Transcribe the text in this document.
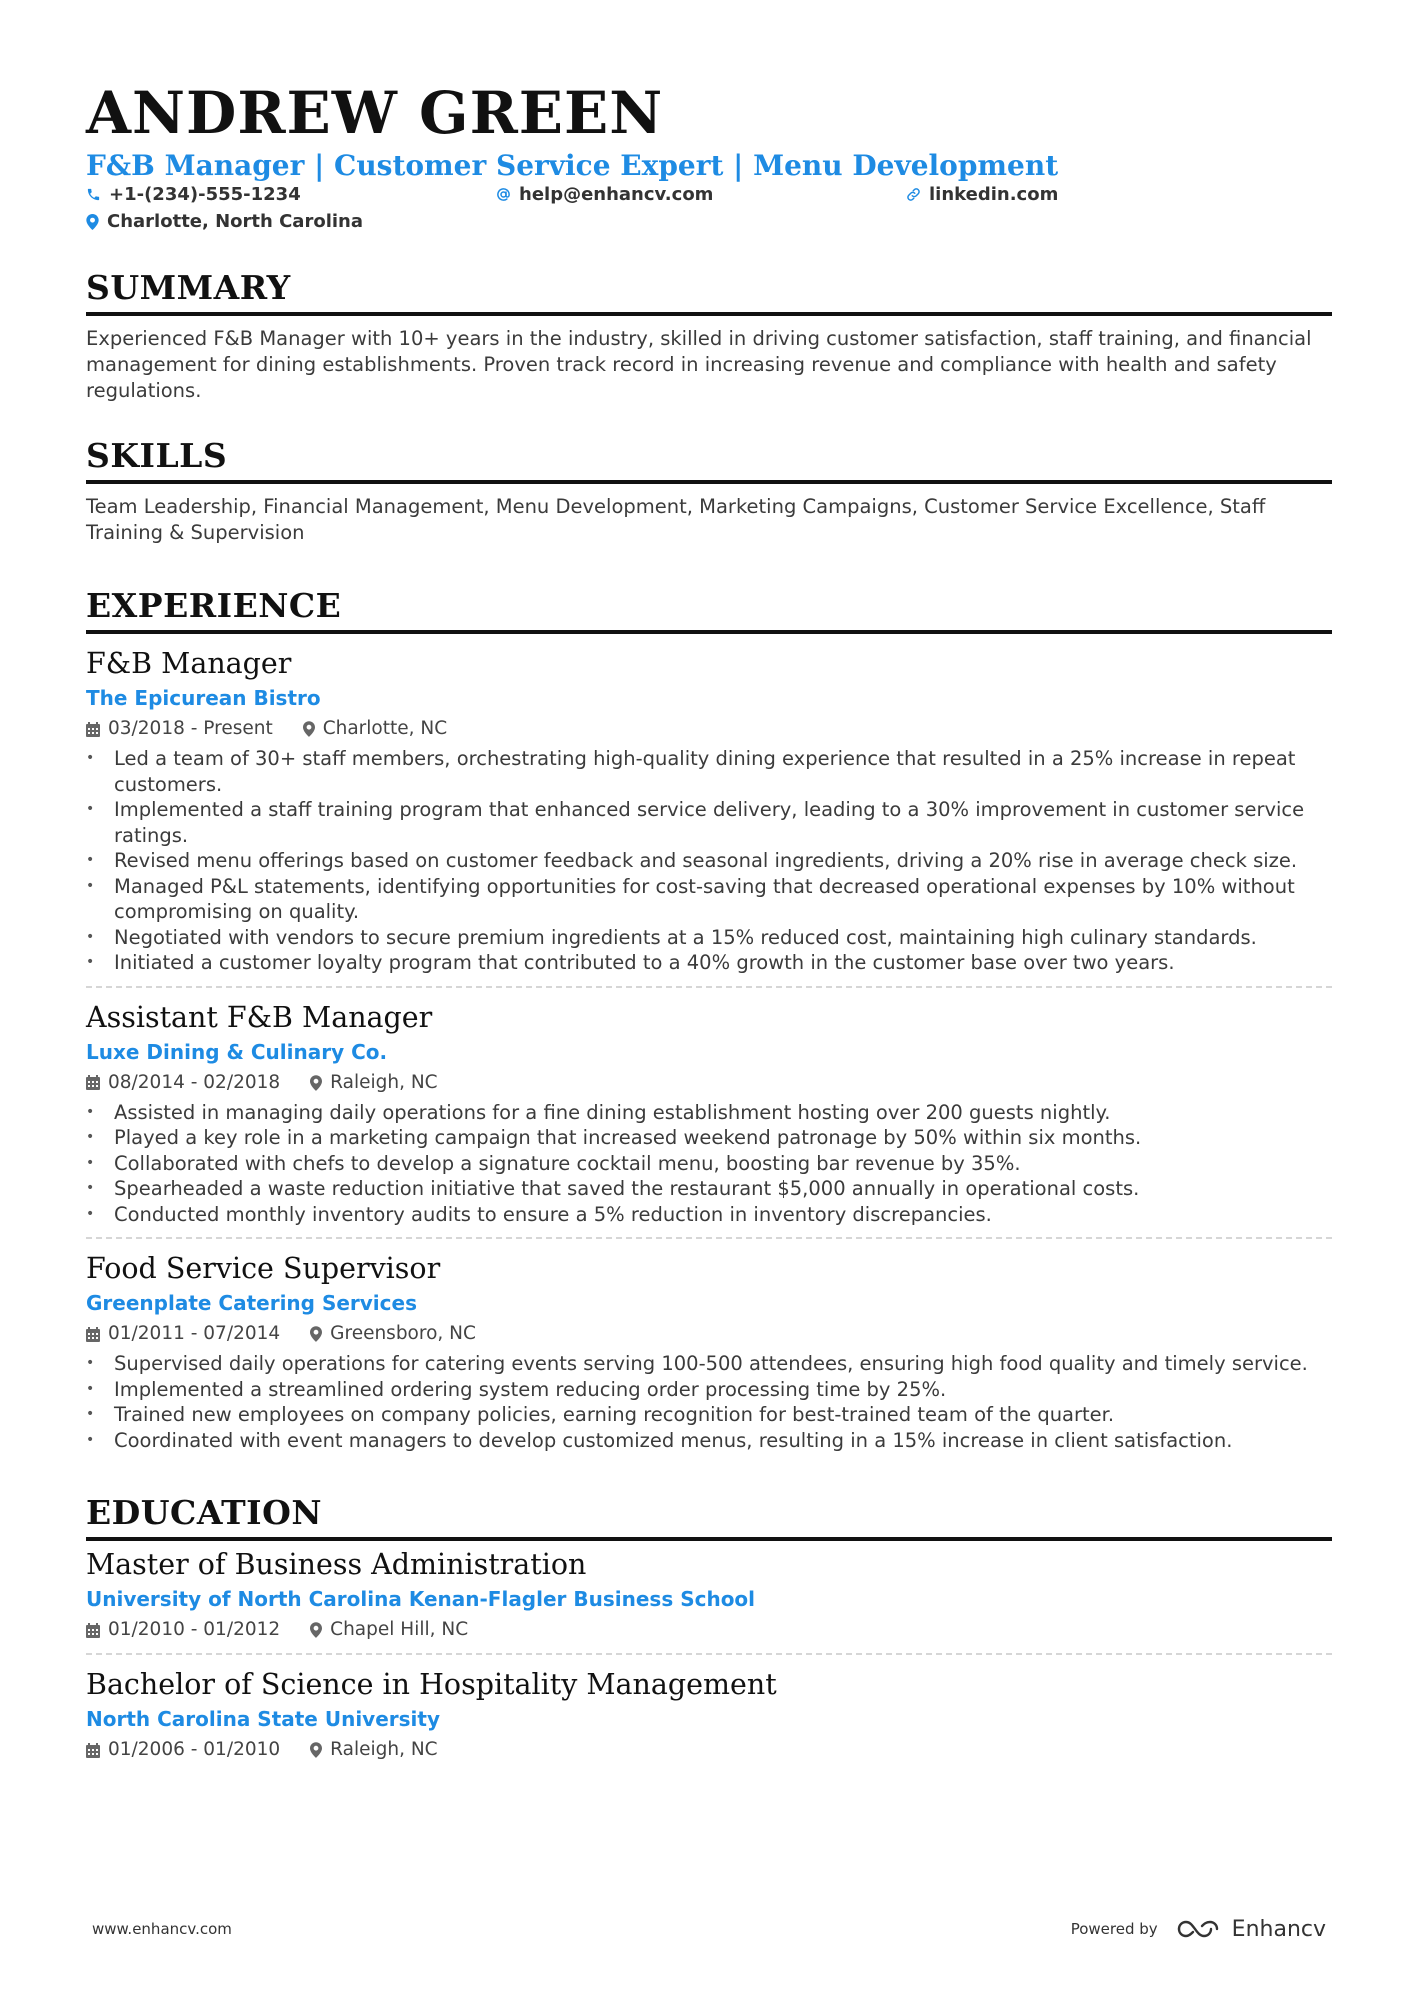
ANDREW GREEN
F&B Manager | Customer Service Expert | Menu Development
+1-(234)-555-1234	help@enhancv.com	linkedin.com
Charlotte, North Carolina
SUMMARY
Experienced F&B Manager with 10+ years in the industry, skilled in driving customer satisfaction, staff training, and financial management for dining establishments. Proven track record in increasing revenue and compliance with health and safety regulations.
SKILLS
Team Leadership, Financial Management, Menu Development, Marketing Campaigns, Customer Service Excellence, Staff Training & Supervision
EXPERIENCE
F&B Manager
The Epicurean Bistro
03/2018 - Present	Charlotte, NC
• Led a team of 30+ staff members, orchestrating high-quality dining experience that resulted in a 25% increase in repeat customers.
• Implemented a staff training program that enhanced service delivery, leading to a 30% improvement in customer service ratings.
• Revised menu offerings based on customer feedback and seasonal ingredients, driving a 20% rise in average check size.
• Managed P&L statements, identifying opportunities for cost-saving that decreased operational expenses by 10% without compromising on quality.
• Negotiated with vendors to secure premium ingredients at a 15% reduced cost, maintaining high culinary standards.
• Initiated a customer loyalty program that contributed to a 40% growth in the customer base over two years.
Assistant F&B Manager
Luxe Dining & Culinary Co.
08/2014 - 02/2018	Raleigh, NC
• Assisted in managing daily operations for a fine dining establishment hosting over 200 guests nightly.
• Played a key role in a marketing campaign that increased weekend patronage by 50% within six months.
• Collaborated with chefs to develop a signature cocktail menu, boosting bar revenue by 35%.
• Spearheaded a waste reduction initiative that saved the restaurant $5,000 annually in operational costs.
• Conducted monthly inventory audits to ensure a 5% reduction in inventory discrepancies.
Food Service Supervisor
Greenplate Catering Services
01/2011 - 07/2014	Greensboro, NC
• Supervised daily operations for catering events serving 100-500 attendees, ensuring high food quality and timely service.
• Implemented a streamlined ordering system reducing order processing time by 25%.
• Trained new employees on company policies, earning recognition for best-trained team of the quarter.
• Coordinated with event managers to develop customized menus, resulting in a 15% increase in client satisfaction.
EDUCATION
Master of Business Administration
University of North Carolina Kenan-Flagler Business School
01/2010 - 01/2012	Chapel Hill, NC
Bachelor of Science in Hospitality Management
North Carolina State University
01/2006 - 01/2010	Raleigh, NC
www.enhancv.com	Powered by	Enhancv
